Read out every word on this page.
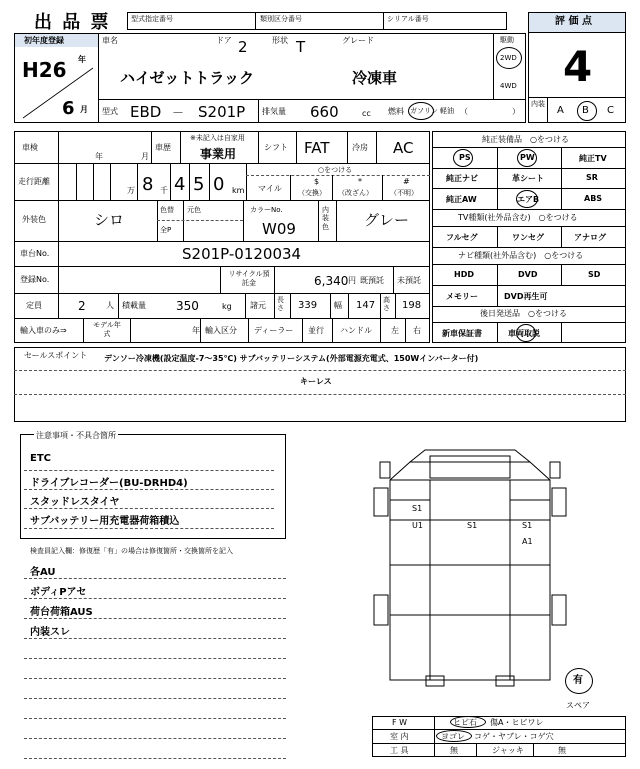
出 品 票	型式指定番号	類別区分番号	シリアル番号
初年度登録
H26 年
6 月
車名	ドア 2	形状 T	グレード
ハイゼットトラック	冷凍車
駆動
2WD
4WD
型式 EBD － S201P 排気量 660	cc 燃料 ガソリン 軽油 （	）
評 価 点
4
内装
A B C
車検
年	月
車歴
※未記入は自家用
事業用	シフト FAT	冷房 AC
走行距離
万 8 千 4 5 0 km
○をつける
マイル
$
（交換）
*
（改ざん）
#
（不明）
外装色	シロ
色替 元色
全P
カラーNo.
W09
内装色 グレー
車台No.	S201P-0120034
登録No.
リサイクル預託金	6,340 円 既預託 未預託
定員	2	人 積載量	350	kg 諸元
長さ	339 幅 147 高さ	198
輸入車のみ⇒
モデル年式	年 輸入区分 ディーラー 並行 ハンドル 左 右
純正装備品　○をつける
PS	PW	純正TV
純正ナビ	革シート	SR
純正AW	エアB	ABS
TV種類(社外品含む)　○をつける
フルセグ	ワンセグ	アナログ
ナビ種類(社外品含む)　○をつける
HDD	DVD	SD
メモリー	DVD再生可
後日発送品　○をつける
新車保証書	車両取説
セールスポイント デンソー冷凍機(設定温度-7～35℃) サブバッテリーシステム(外部電源充電式、150Wインバーター付)
キーレス
注意事項・不具合箇所
ETC
ドライブレコーダー(BU-DRHD4)
スタッドレスタイヤ
サブバッテリー用充電器荷箱積込
検査員記入欄：修復歴「有」の場合は修復箇所・交換箇所を記入
各AU
ボディPアセ
荷台荷箱AUS
内装スレ
S1
U1	S1	S1
A1
有
スペア
F W	ヒビ石 傷A・ヒビワレ
室 内	ヨゴレ コゲ・ヤブレ・コゲ穴
工 具	無	ジャッキ	無
